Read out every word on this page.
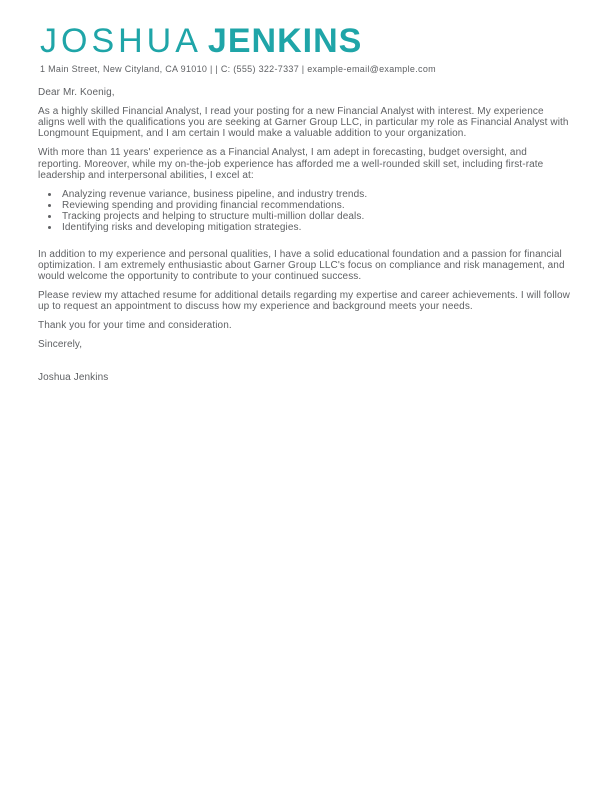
JOSHUA JENKINS
1 Main Street, New Cityland, CA 91010 | | C: (555) 322-7337 | example-email@example.com

Dear Mr. Koenig,

As a highly skilled Financial Analyst, I read your posting for a new Financial Analyst with interest. My experience aligns well with the qualifications you are seeking at Garner Group LLC, in particular my role as Financial Analyst with Longmount Equipment, and I am certain I would make a valuable addition to your organization.

With more than 11 years' experience as a Financial Analyst, I am adept in forecasting, budget oversight, and reporting. Moreover, while my on-the-job experience has afforded me a well-rounded skill set, including first-rate leadership and interpersonal abilities, I excel at:

• Analyzing revenue variance, business pipeline, and industry trends.
• Reviewing spending and providing financial recommendations.
• Tracking projects and helping to structure multi-million dollar deals.
• Identifying risks and developing mitigation strategies.

In addition to my experience and personal qualities, I have a solid educational foundation and a passion for financial optimization. I am extremely enthusiastic about Garner Group LLC's focus on compliance and risk management, and would welcome the opportunity to contribute to your continued success.

Please review my attached resume for additional details regarding my expertise and career achievements. I will follow up to request an appointment to discuss how my experience and background meets your needs.

Thank you for your time and consideration.

Sincerely,

Joshua Jenkins
